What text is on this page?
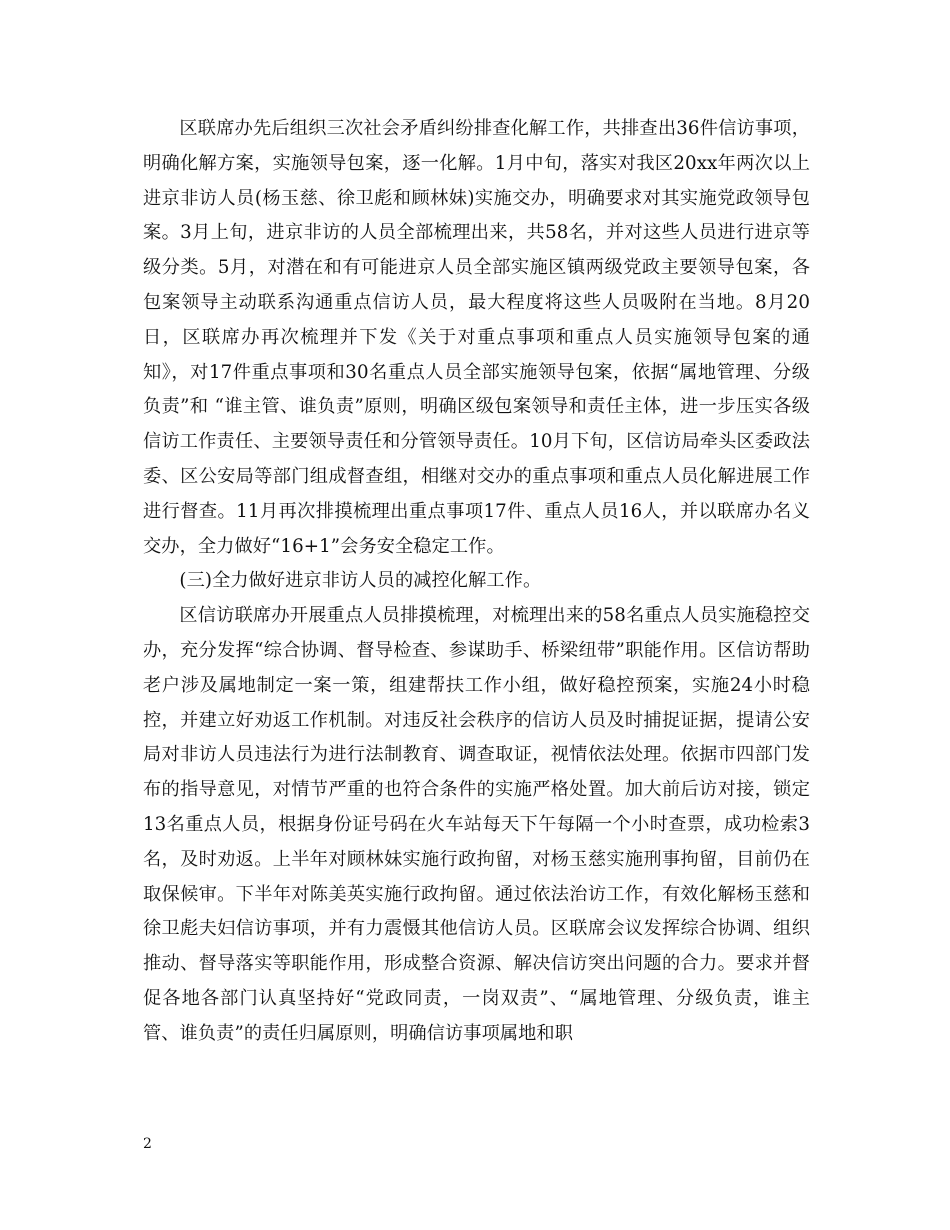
区联席办先后组织三次社会矛盾纠纷排查化解工作，共排查出36件信访事项，明确化解方案，实施领导包案，逐一化解。1月中旬，落实对我区20xx年两次以上进京非访人员(杨玉慈、徐卫彪和顾林妹)实施交办，明确要求对其实施党政领导包案。3月上旬，进京非访的人员全部梳理出来，共58名，并对这些人员进行进京等级分类。5月，对潜在和有可能进京人员全部实施区镇两级党政主要领导包案，各包案领导主动联系沟通重点信访人员，最大程度将这些人员吸附在当地。8月20日，区联席办再次梳理并下发《关于对重点事项和重点人员实施领导包案的通知》，对17件重点事项和30名重点人员全部实施领导包案，依据“属地管理、分级负责”和 “谁主管、谁负责”原则，明确区级包案领导和责任主体，进一步压实各级信访工作责任、主要领导责任和分管领导责任。10月下旬，区信访局牵头区委政法委、区公安局等部门组成督查组，相继对交办的重点事项和重点人员化解进展工作进行督查。11月再次排摸梳理出重点事项17件、重点人员16人，并以联席办名义交办，全力做好“16+1”会务安全稳定工作。

(三)全力做好进京非访人员的减控化解工作。

区信访联席办开展重点人员排摸梳理，对梳理出来的58名重点人员实施稳控交办，充分发挥“综合协调、督导检查、参谋助手、桥梁纽带”职能作用。区信访帮助老户涉及属地制定一案一策，组建帮扶工作小组，做好稳控预案，实施24小时稳控，并建立好劝返工作机制。对违反社会秩序的信访人员及时捕捉证据，提请公安局对非访人员违法行为进行法制教育、调查取证，视情依法处理。依据市四部门发布的指导意见，对情节严重的也符合条件的实施严格处置。加大前后访对接，锁定13名重点人员，根据身份证号码在火车站每天下午每隔一个小时查票，成功检索3名，及时劝返。上半年对顾林妹实施行政拘留，对杨玉慈实施刑事拘留，目前仍在取保候审。下半年对陈美英实施行政拘留。通过依法治访工作，有效化解杨玉慈和徐卫彪夫妇信访事项，并有力震慑其他信访人员。区联席会议发挥综合协调、组织推动、督导落实等职能作用，形成整合资源、解决信访突出问题的合力。要求并督促各地各部门认真坚持好“党政同责，一岗双责”、“属地管理、分级负责，谁主管、谁负责”的责任归属原则，明确信访事项属地和职

2
